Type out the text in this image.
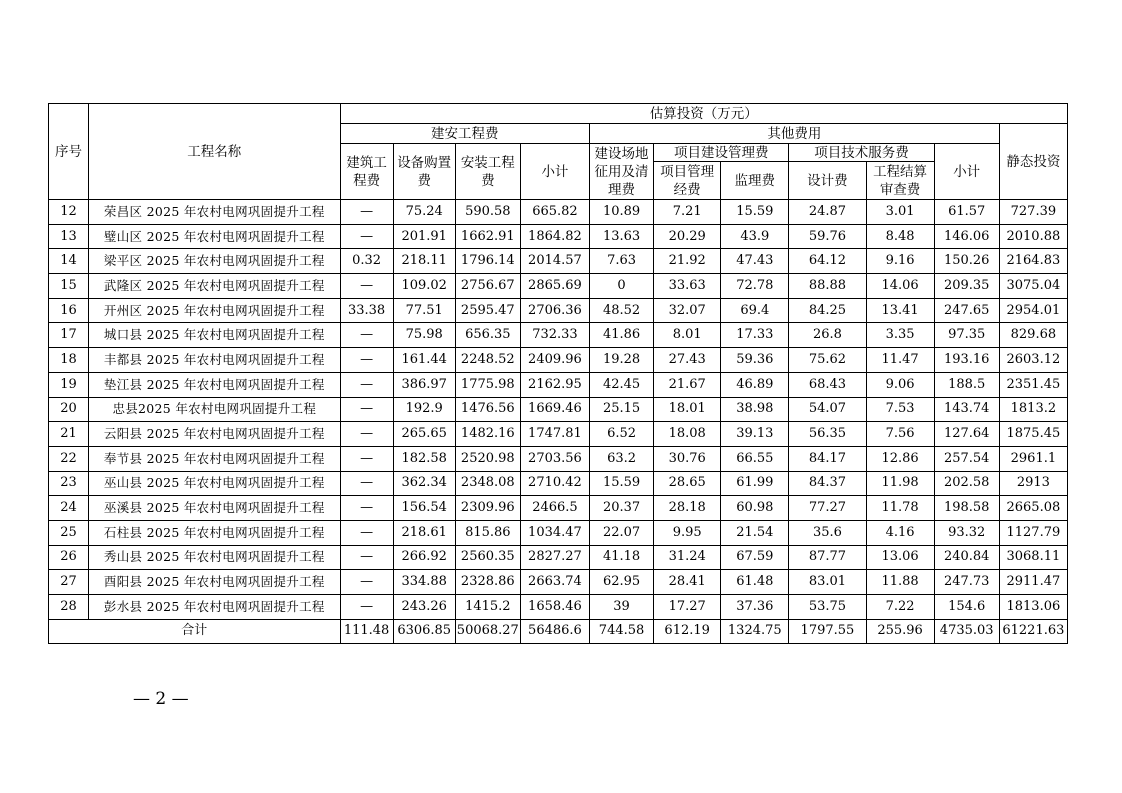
序号	工程名称	估算投资（万元）										
		建安工程费				其他费用						静态投资
		建筑工程费	设备购置费	安装工程费	小计	建设场地征用及清理费	项目建设管理费		项目技术服务费		小计	
							项目管理经费	监理费	设计费	工程结算审查费		
12	荣昌区 2025 年农村电网巩固提升工程	—	75.24	590.58	665.82	10.89	7.21	15.59	24.87	3.01	61.57	727.39
13	璧山区 2025 年农村电网巩固提升工程	—	201.91	1662.91	1864.82	13.63	20.29	43.9	59.76	8.48	146.06	2010.88
14	梁平区 2025 年农村电网巩固提升工程	0.32	218.11	1796.14	2014.57	7.63	21.92	47.43	64.12	9.16	150.26	2164.83
15	武隆区 2025 年农村电网巩固提升工程	—	109.02	2756.67	2865.69	0	33.63	72.78	88.88	14.06	209.35	3075.04
16	开州区 2025 年农村电网巩固提升工程	33.38	77.51	2595.47	2706.36	48.52	32.07	69.4	84.25	13.41	247.65	2954.01
17	城口县 2025 年农村电网巩固提升工程	—	75.98	656.35	732.33	41.86	8.01	17.33	26.8	3.35	97.35	829.68
18	丰都县 2025 年农村电网巩固提升工程	—	161.44	2248.52	2409.96	19.28	27.43	59.36	75.62	11.47	193.16	2603.12
19	垫江县 2025 年农村电网巩固提升工程	—	386.97	1775.98	2162.95	42.45	21.67	46.89	68.43	9.06	188.5	2351.45
20	忠县2025 年农村电网巩固提升工程	—	192.9	1476.56	1669.46	25.15	18.01	38.98	54.07	7.53	143.74	1813.2
21	云阳县 2025 年农村电网巩固提升工程	—	265.65	1482.16	1747.81	6.52	18.08	39.13	56.35	7.56	127.64	1875.45
22	奉节县 2025 年农村电网巩固提升工程	—	182.58	2520.98	2703.56	63.2	30.76	66.55	84.17	12.86	257.54	2961.1
23	巫山县 2025 年农村电网巩固提升工程	—	362.34	2348.08	2710.42	15.59	28.65	61.99	84.37	11.98	202.58	2913
24	巫溪县 2025 年农村电网巩固提升工程	—	156.54	2309.96	2466.5	20.37	28.18	60.98	77.27	11.78	198.58	2665.08
25	石柱县 2025 年农村电网巩固提升工程	—	218.61	815.86	1034.47	22.07	9.95	21.54	35.6	4.16	93.32	1127.79
26	秀山县 2025 年农村电网巩固提升工程	—	266.92	2560.35	2827.27	41.18	31.24	67.59	87.77	13.06	240.84	3068.11
27	酉阳县 2025 年农村电网巩固提升工程	—	334.88	2328.86	2663.74	62.95	28.41	61.48	83.01	11.88	247.73	2911.47
28	彭水县 2025 年农村电网巩固提升工程	—	243.26	1415.2	1658.46	39	17.27	37.36	53.75	7.22	154.6	1813.06
合计		111.48	6306.85	50068.27	56486.6	744.58	612.19	1324.75	1797.55	255.96	4735.03	61221.63
— 2 —
